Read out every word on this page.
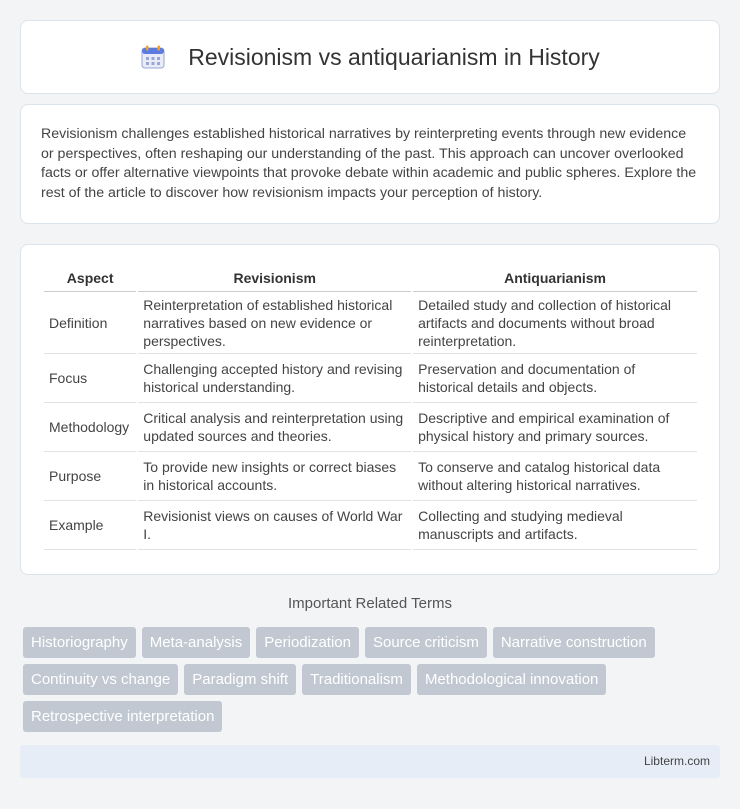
Revisionism vs antiquarianism in History

Revisionism challenges established historical narratives by reinterpreting events through new evidence or perspectives, often reshaping our understanding of the past. This approach can uncover overlooked facts or offer alternative viewpoints that provoke debate within academic and public spheres. Explore the rest of the article to discover how revisionism impacts your perception of history.

Aspect	Revisionism	Antiquarianism
Definition	Reinterpretation of established historical narratives based on new evidence or perspectives.	Detailed study and collection of historical artifacts and documents without broad reinterpretation.
Focus	Challenging accepted history and revising historical understanding.	Preservation and documentation of historical details and objects.
Methodology	Critical analysis and reinterpretation using updated sources and theories.	Descriptive and empirical examination of physical history and primary sources.
Purpose	To provide new insights or correct biases in historical accounts.	To conserve and catalog historical data without altering historical narratives.
Example	Revisionist views on causes of World War I.	Collecting and studying medieval manuscripts and artifacts.
Important Related Terms
Historiography	Meta-analysis	Periodization	Source criticism	Narrative construction
Continuity vs change	Paradigm shift	Traditionalism	Methodological innovation
Retrospective interpretation
Libterm.com
